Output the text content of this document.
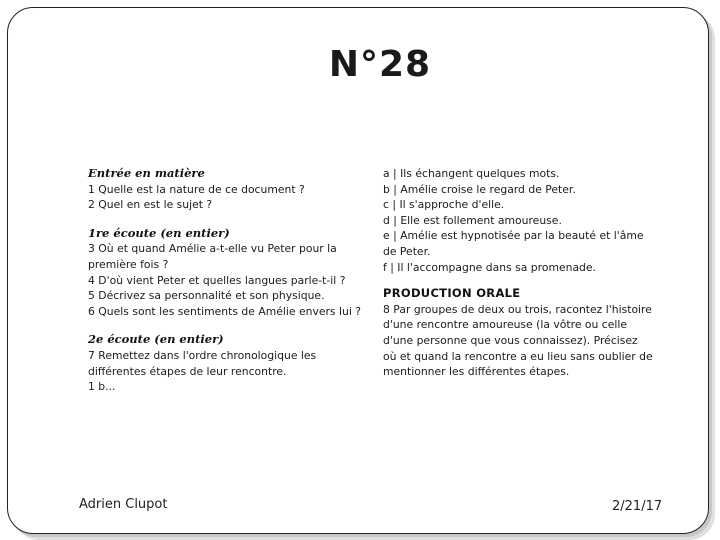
N°28
Entrée en matière
1 Quelle est la nature de ce document ?
2 Quel en est le sujet ?
1re écoute (en entier)
3 Où et quand Amélie a-t-elle vu Peter pour la
première fois ?
4 D'où vient Peter et quelles langues parle-t-il ?
5 Décrivez sa personnalité et son physique.
6 Quels sont les sentiments de Amélie envers lui ?
2e écoute (en entier)
7 Remettez dans l'ordre chronologique les
différentes étapes de leur rencontre.
1 b...
a | Ils échangent quelques mots.
b | Amélie croise le regard de Peter.
c | Il s'approche d'elle.
d | Elle est follement amoureuse.
e | Amélie est hypnotisée par la beauté et l'âme
de Peter.
f | Il l'accompagne dans sa promenade.
PRODUCTION ORALE
8 Par groupes de deux ou trois, racontez l'histoire
d'une rencontre amoureuse (la vôtre ou celle
d'une personne que vous connaissez). Précisez
où et quand la rencontre a eu lieu sans oublier de
mentionner les différentes étapes.
Adrien Clupot	2/21/17
